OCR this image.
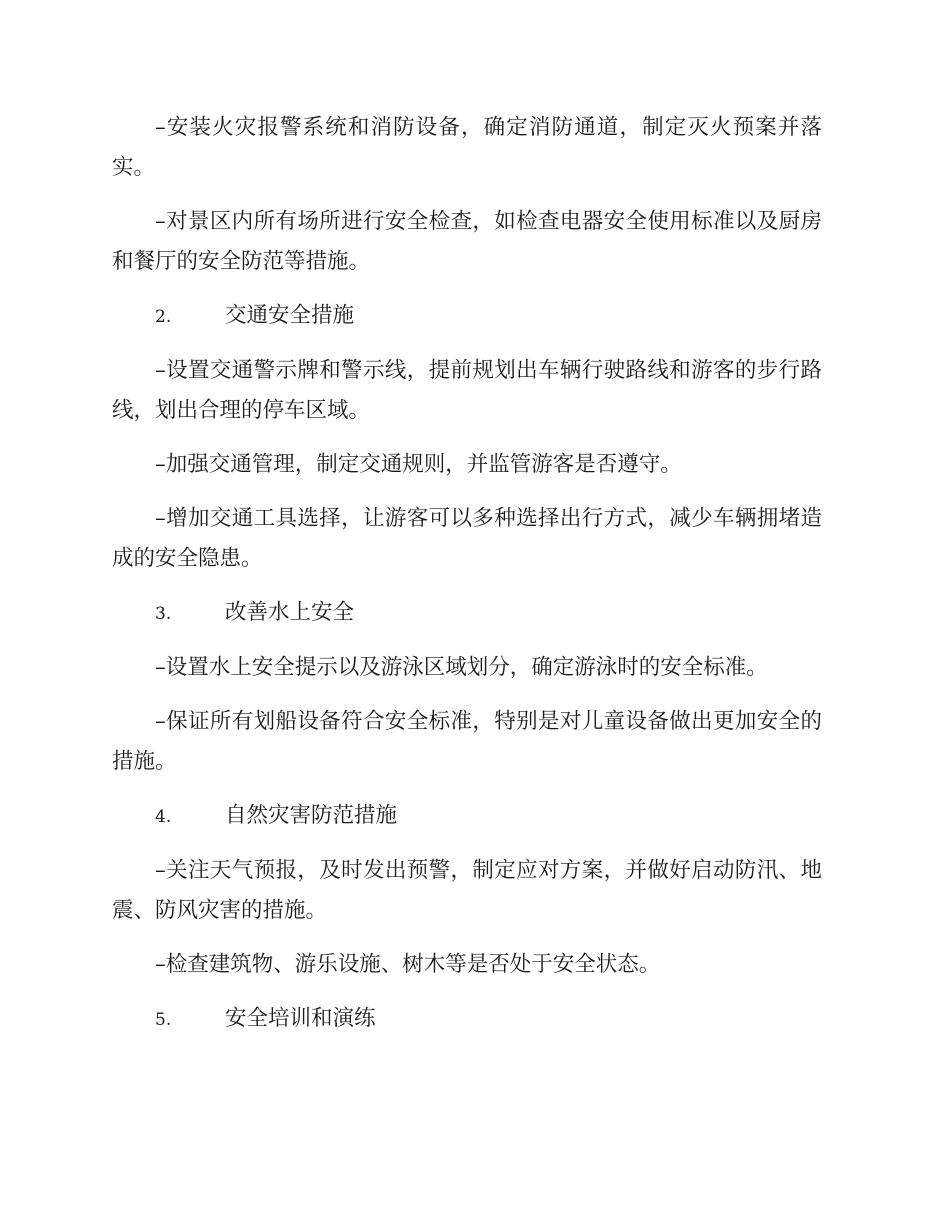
–安装火灾报警系统和消防设备，确定消防通道，制定灭火预案并落实。

–对景区内所有场所进行安全检查，如检查电器安全使用标准以及厨房和餐厅的安全防范等措施。

2.	交通安全措施

–设置交通警示牌和警示线，提前规划出车辆行驶路线和游客的步行路线，划出合理的停车区域。

–加强交通管理，制定交通规则，并监管游客是否遵守。

–增加交通工具选择，让游客可以多种选择出行方式，减少车辆拥堵造成的安全隐患。

3.	改善水上安全

–设置水上安全提示以及游泳区域划分，确定游泳时的安全标准。

–保证所有划船设备符合安全标准，特别是对儿童设备做出更加安全的措施。

4.	自然灾害防范措施

–关注天气预报，及时发出预警，制定应对方案，并做好启动防汛、地震、防风灾害的措施。

–检查建筑物、游乐设施、树木等是否处于安全状态。

5.	安全培训和演练
